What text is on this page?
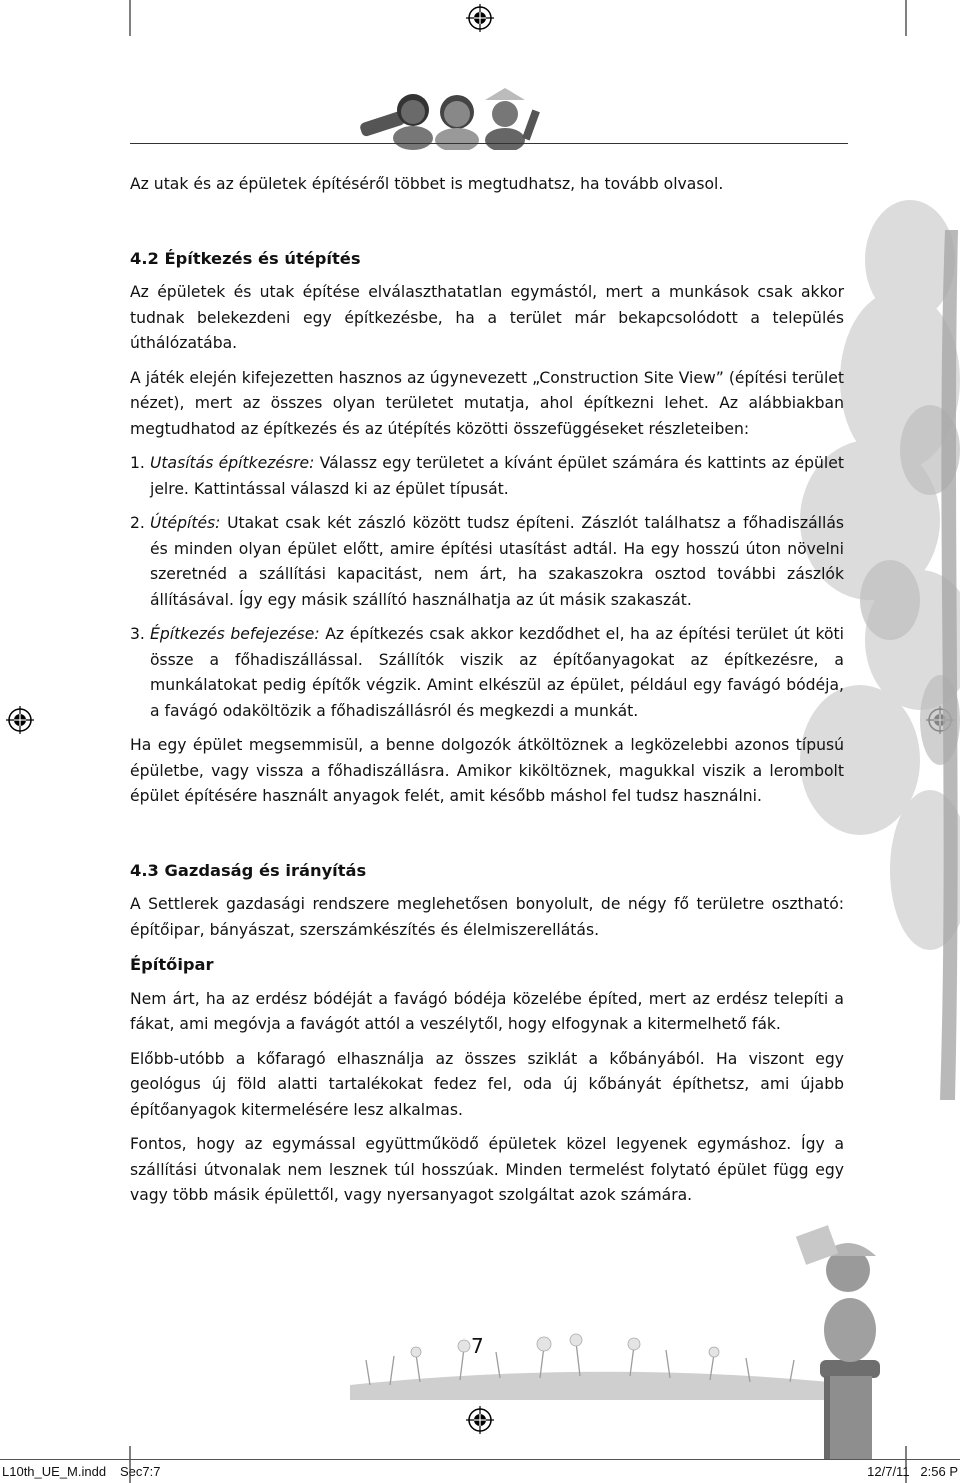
Az utak és az épületek építéséről többet is megtudhatsz, ha tovább olvasol.

4.2 Építkezés és útépítés

Az épületek és utak építése elválaszthatatlan egymástól, mert a munkások csak akkor tudnak belekezdeni egy építkezésbe, ha a terület már bekapcsolódott a település úthálózatába.

A játék elején kifejezetten hasznos az úgynevezett „Construction Site View” (építési terület nézet), mert az összes olyan területet mutatja, ahol építkezni lehet. Az alábbiakban megtudhatod az építkezés és az útépítés közötti összefüggéseket részleteiben:

1. Utasítás építkezésre: Válassz egy területet a kívánt épület számára és kattints az épület jelre. Kattintással válaszd ki az épület típusát.

2. Útépítés: Utakat csak két zászló között tudsz építeni. Zászlót találhatsz a főhadiszállás és minden olyan épület előtt, amire építési utasítást adtál. Ha egy hosszú úton növelni szeretnéd a szállítási kapacitást, nem árt, ha szakaszokra osztod további zászlók állításával. Így egy másik szállító használhatja az út másik szakaszát.

3. Építkezés befejezése: Az építkezés csak akkor kezdődhet el, ha az építési terület út köti össze a főhadiszállással. Szállítók viszik az építőanyagokat az építkezésre, a munkálatokat pedig építők végzik. Amint elkészül az épület, például egy favágó bódéja, a favágó odaköltözik a főhadiszállásról és megkezdi a munkát.

Ha egy épület megsemmisül, a benne dolgozók átköltöznek a legközelebbi azonos típusú épületbe, vagy vissza a főhadiszállásra. Amikor kiköltöznek, magukkal viszik a lerombolt épület építésére használt anyagok felét, amit később máshol fel tudsz használni.

4.3 Gazdaság és irányítás

A Settlerek gazdasági rendszere meglehetősen bonyolult, de négy fő területre osztható: építőipar, bányászat, szerszámkészítés és élelmiszerellátás.

Építőipar

Nem árt, ha az erdész bódéját a favágó bódéja közelébe építed, mert az erdész telepíti a fákat, ami megóvja a favágót attól a veszélytől, hogy elfogynak a kitermelhető fák.

Előbb-utóbb a kőfaragó elhasználja az összes sziklát a kőbányából. Ha viszont egy geológus új föld alatti tartalékokat fedez fel, oda új kőbányát építhetsz, ami újabb építőanyagok kitermelésére lesz alkalmas.

Fontos, hogy az egymással együttműködő épületek közel legyenek egymáshoz. Így a szállítási útvonalak nem lesznek túl hosszúak. Minden termelést folytató épület függ egy vagy több másik épülettől, vagy nyersanyagot szolgáltat azok számára.

7
L10th_UE_M.indd Sec7:7	12/7/11 2:56 P
